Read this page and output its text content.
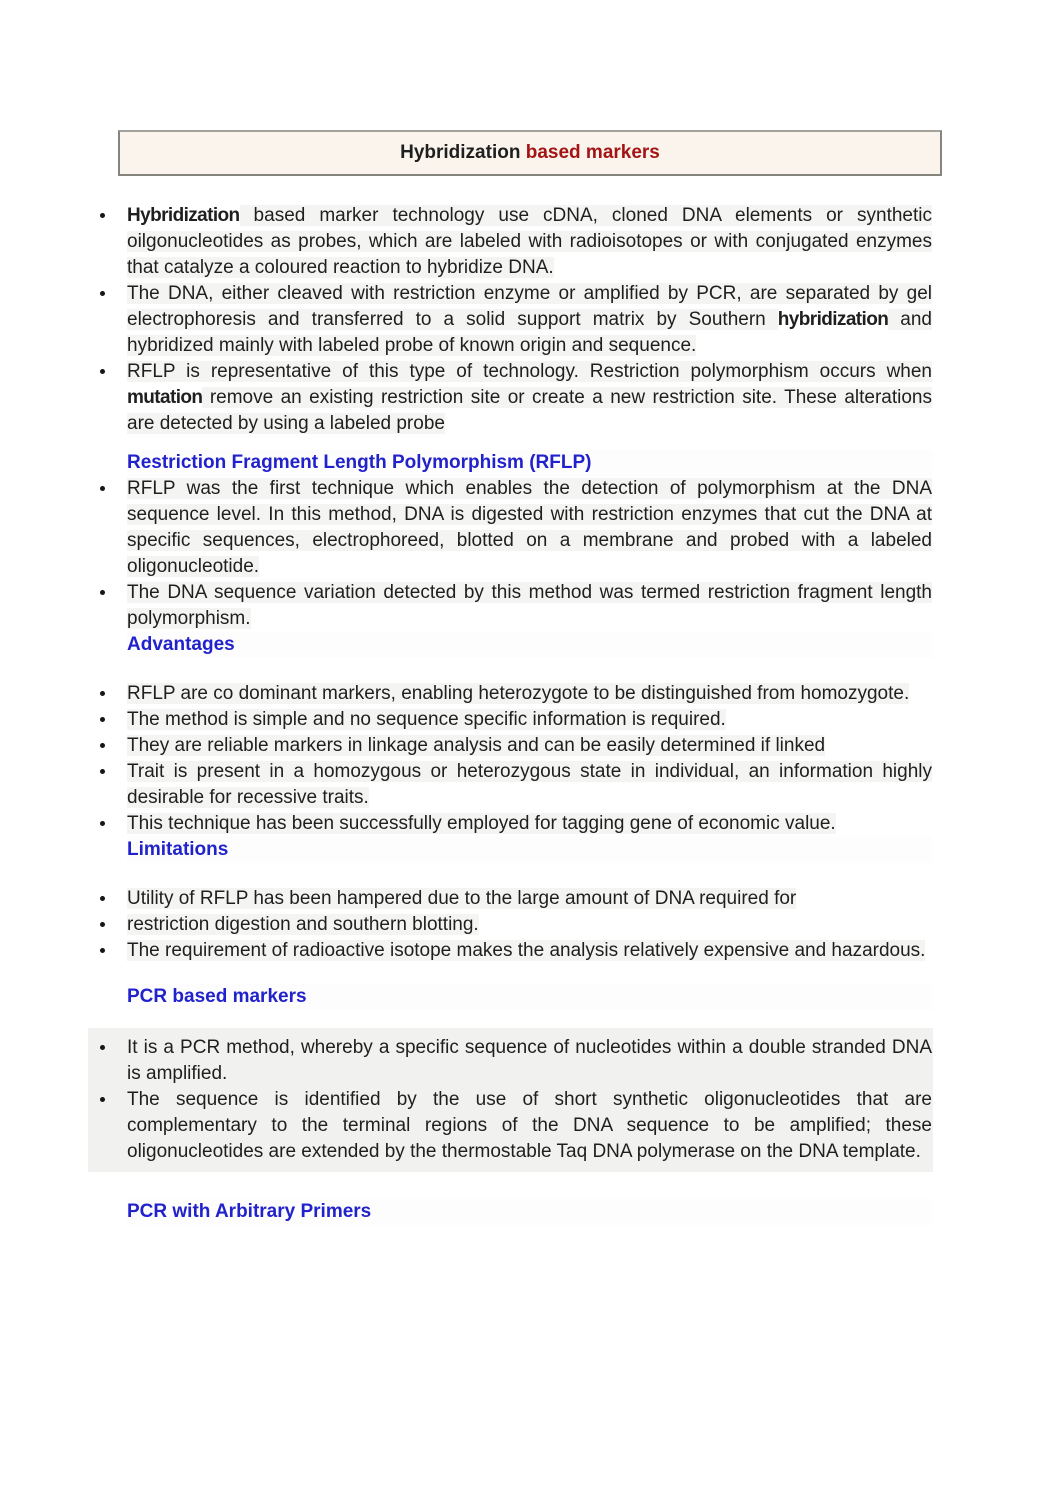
Hybridization based markers
Hybridization based marker technology use cDNA, cloned DNA elements or synthetic oilgonucleotides as probes, which are labeled with radioisotopes or with conjugated enzymes that catalyze a coloured reaction to hybridize DNA.
The DNA, either cleaved with restriction enzyme or amplified by PCR, are separated by gel electrophoresis and transferred to a solid support matrix by Southern hybridization and hybridized mainly with labeled probe of known origin and sequence.
RFLP is representative of this type of technology. Restriction polymorphism occurs when mutation remove an existing restriction site or create a new restriction site. These alterations are detected by using a labeled probe
Restriction Fragment Length Polymorphism (RFLP)
RFLP was the first technique which enables the detection of polymorphism at the DNA sequence level. In this method, DNA is digested with restriction enzymes that cut the DNA at specific sequences, electrophoreed, blotted on a membrane and probed with a labeled oligonucleotide.
The DNA sequence variation detected by this method was termed restriction fragment length polymorphism.
Advantages
RFLP are co dominant markers, enabling heterozygote to be distinguished from homozygote.
The method is simple and no sequence specific information is required.
They are reliable markers in linkage analysis and can be easily determined if linked
Trait is present in a homozygous or heterozygous state in individual, an information highly desirable for recessive traits.
This technique has been successfully employed for tagging gene of economic value.
Limitations
Utility of RFLP has been hampered due to the large amount of DNA required for
restriction digestion and southern blotting.
The requirement of radioactive isotope makes the analysis relatively expensive and hazardous.
PCR based markers
It is a PCR method, whereby a specific sequence of nucleotides within a double stranded DNA is amplified.
The sequence is identified by the use of short synthetic oligonucleotides that are complementary to the terminal regions of the DNA sequence to be amplified; these oligonucleotides are extended by the thermostable Taq DNA polymerase on the DNA template.
PCR with Arbitrary Primers
